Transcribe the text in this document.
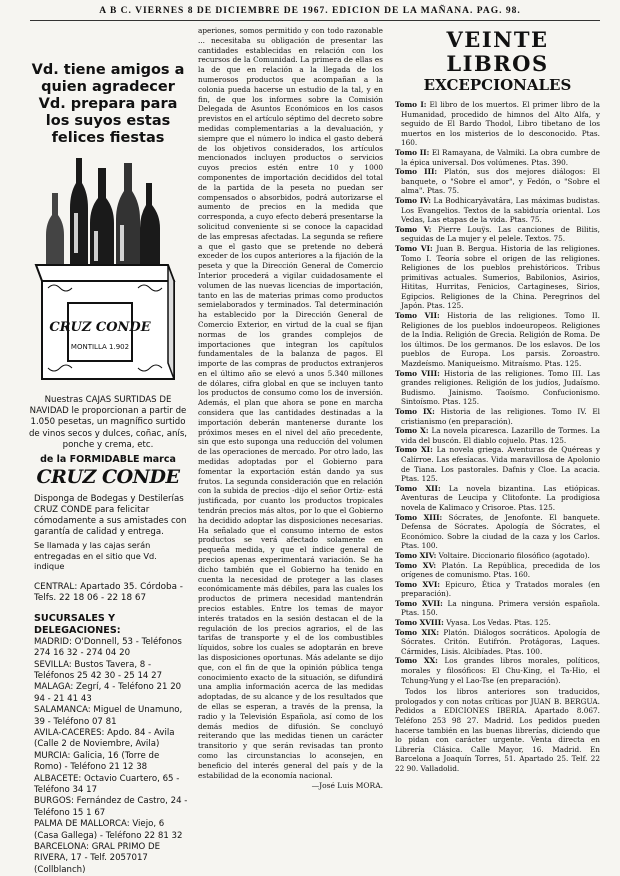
A B C. VIERNES 8 DE DICIEMBRE DE 1967. EDICION DE LA MAÑANA. PAG. 98.
Vd. tiene amigos a quien agradecer Vd. prepara para los suyos estas felices fiestas
CRUZ CONDE
MONTILLA 1.902
Nuestras CAJAS SURTIDAS DE NAVIDAD le proporcionan a partir de 1.050 pesetas, un magnífico surtido de vinos secos y dulces, coñac, anís, ponche y crema, etc.
de la FORMIDABLE marca
CRUZ CONDE
Disponga de Bodegas y Destilerías CRUZ CONDE para felicitar cómodamente a sus amistades con garantía de calidad y entrega.
Se llamada y las cajas serán entregadas en el sitio que Vd. indique
CENTRAL: Apartado 35. Córdoba - Telfs. 22 18 06 - 22 18 67
SUCURSALES Y DELEGACIONES:
MADRID: O'Donnell, 53 - Teléfonos 274 16 32 - 274 04 20
SEVILLA: Bustos Tavera, 8 - Teléfonos 25 42 30 - 25 14 27
MALAGA: Zegrí, 4 - Teléfono 21 20 94 - 21 41 43
SALAMANCA: Miguel de Unamuno, 39 - Teléfono 07 81
AVILA-CACERES: Apdo. 84 - Avila (Calle 2 de Noviembre, Avila)
MURCIA: Galicia, 16 (Torre de Romo) - Teléfono 21 12 38
ALBACETE: Octavio Cuartero, 65 - Teléfono 34 17
BURGOS: Fernández de Castro, 24 - Teléfono 15 1 67
PALMA DE MALLORCA: Viejo, 6 (Casa Gallega) - Teléfono 22 81 32
BARCELONA: GRAL PRIMO DE RIVERA, 17 - Telf. 2057017 (Collblanch)

aperiones, somos permitido y con todo razonable ... necesitaba su obligación de presentar las cantidades establecidas en relación con los recursos de la Comunidad. La primera de ellas es la de que en relación a la llegada de los numerosos productos que acompañan a la colonia pueda hacerse un estudio de la tal, y en fin, de que los informes sobre la Comisión Delegada de Asuntos Económicos en los casos previstos en el artículo séptimo del decreto sobre medidas complementarias a la devaluación, y siempre que el número lo indica el gasto deberá de los objetivos considerados, los artículos mencionados incluyen productos o servicios cuyos precios estén entre 10 y 1000 componentes de importación decididos del total de la partida de la peseta no puedan ser compensados o absorbidos, podrá autorizarse el aumento de precios en la medida que corresponda, a cuyo efecto deberá presentarse la solicitud conveniente si se conoce la capacidad de las empresas afectadas. La segunda se refiere a que el gasto que se pretende no deberá exceder de los cupos anteriores a la fijación de la peseta y que la Dirección General de Comercio Interior procederá a vigilar cuidadosamente el volumen de las nuevas licencias de importación, tanto en las de materias primas como productos semielaborados y terminados. Tal determinación ha establecido por la Dirección General de Comercio Exterior, en virtud de la cual se fijan normas de los grandes complejos de importaciones que integran los capítulos fundamentales de la balanza de pagos. El importe de las compras de productos extranjeros en el último año se elevó a unos 5.340 millones de dólares, cifra global en que se incluyen tanto los productos de consumo como los de inversión. Además, el plan que ahora se pone en marcha considera que las cantidades destinadas a la importación deberán mantenerse durante los próximos meses en el nivel del año precedente, sin que esto suponga una reducción del volumen de las operaciones de mercado. Por otro lado, las medidas adoptadas por el Gobierno para fomentar la exportación están dando ya sus frutos. La segunda consideración que en relación con la subida de precios -dijo el señor Ortiz- está justificada, por cuanto los productos tropicales tendrán precios más altos, por lo que el Gobierno ha decidido adoptar las disposiciones necesarias. Ha señalado que el consumo interno de estos productos se verá afectado solamente en pequeña medida, y que el índice general de precios apenas experimentará variación. Se ha dicho también que el Gobierno ha tenido en cuenta la necesidad de proteger a las clases económicamente más débiles, para las cuales los productos de primera necesidad mantendrán precios estables. Entre los temas de mayor interés tratados en la sesión destacan el de la regulación de los precios agrarios, el de las tarifas de transporte y el de los combustibles líquidos, sobre los cuales se adoptarán en breve las disposiciones oportunas. Más adelante se dijo que, con el fin de que la opinión pública tenga conocimiento exacto de la situación, se difundirá una amplia información acerca de las medidas adoptadas, de su alcance y de los resultados que de ellas se esperan, a través de la prensa, la radio y la Televisión Española, así como de los demás medios de difusión. Se concluyó reiterando que las medidas tienen un carácter transitorio y que serán revisadas tan pronto como las circunstancias lo aconsejen, en beneficio del interés general del país y de la estabilidad de la economía nacional.

—José Luis MORA.
VEINTE LIBROS
EXCEPCIONALES

Tomo I: El libro de los muertos. El primer libro de la Humanidad, procedido de himnos del Alto Alfa, y seguido de El Bardo Thodol, Libro tibetano de los muertos en los misterios de lo desconocido. Ptas. 160.

Tomo II: El Ramayana, de Valmiki. La obra cumbre de la épica universal. Dos volúmenes. Ptas. 390.

Tomo III: Platón, sus dos mejores diálogos: El banquete, o "Sobre el amor", y Fedón, o "Sobre el alma". Ptas. 75.

Tomo IV: La Bodhicaryâvatâra, Las máximas budistas. Los Evangelios. Textos de la sabiduría oriental. Los Vedas, Las etapas de la vida. Ptas. 75.

Tomo V: Pierre Louÿs. Las canciones de Bilitis, seguidas de La mujer y el pelele. Textos. 75.

Tomo VI: Juan B. Bergua. Historia de las religiones. Tomo I. Teoría sobre el origen de las religiones. Religiones de los pueblos prehistóricos. Tribus primitivas actuales. Sumerios, Babilonios, Asirios, Hititas, Hurritas, Fenicios, Cartagineses, Sirios, Egipcios. Religiones de la China. Peregrinos del Japón. Ptas. 125.

Tomo VII: Historia de las religiones. Tomo II. Religiones de los pueblos indoeuropeos. Religiones de la India. Religión de Grecia. Religión de Roma. De los últimos. De los germanos. De los eslavos. De los pueblos de Europa. Los parsis. Zoroastro. Mazdeísmo. Maniqueísmo. Mitraísmo. Ptas. 125.

Tomo VIII: Historia de las religiones. Tomo III. Las grandes religiones. Religión de los judíos, Judaísmo. Budismo. Jainismo. Taoísmo. Confucionismo. Sintoísmo. Ptas. 125.

Tomo IX: Historia de las religiones. Tomo IV. El cristianismo (en preparación).

Tomo X: La novela picaresca. Lazarillo de Tormes. La vida del buscón. El diablo cojuelo. Ptas. 125.

Tomo XI: La novela griega. Aventuras de Quéreas y Calírroe. Las efesíacas. Vida maravillosa de Apolonio de Tiana. Los pastorales. Dafnis y Cloe. La acacia. Ptas. 125.

Tomo XII: La novela bizantina. Las etiópicas. Aventuras de Leucipa y Clitofonte. La prodigiosa novela de Kalimaco y Crisoroe. Ptas. 125.

Tomo XIII: Sócrates, de Jenofonte. El banquete. Defensa de Sócrates. Apología de Sócrates, el Económico. Sobre la ciudad de la caza y los Carlos. Ptas. 100.

Tomo XIV: Voltaire. Diccionario filosófico (agotado).

Tomo XV: Platón. La República, precedida de los orígenes de comunismo. Ptas. 160.

Tomo XVI: Epicuro, Ética y Tratados morales (en preparación).

Tomo XVII: La ninguna. Primera versión española. Ptas. 150.

Tomo XVIII: Vyasa. Los Vedas. Ptas. 125.

Tomo XIX: Platón. Diálogos socráticos. Apología de Sócrates. Critón. Eutifrón. Protágoras, Laques. Cármides, Lisis. Alcibíades. Ptas. 100.

Tomo XX: Los grandes libros morales, políticos, morales y filosóficos: El Chu-King, el Ta-Hio, el Tchung-Yung y el Lao-Tse (en preparación).

Todos los libros anteriores son traducidos, prologados y con notas críticas por JUAN B. BERGUA. Pedidos a EDICIONES IBERIA. Apartado 8.067. Teléfono 253 98 27. Madrid. Los pedidos pueden hacerse también en las buenas librerías, diciendo que lo pidan con carácter urgente. Venta directa en Librería Clásica. Calle Mayor, 16. Madrid. En Barcelona a Joaquín Torres, 51. Apartado 25. Telf. 22 22 90. Valladolid.
